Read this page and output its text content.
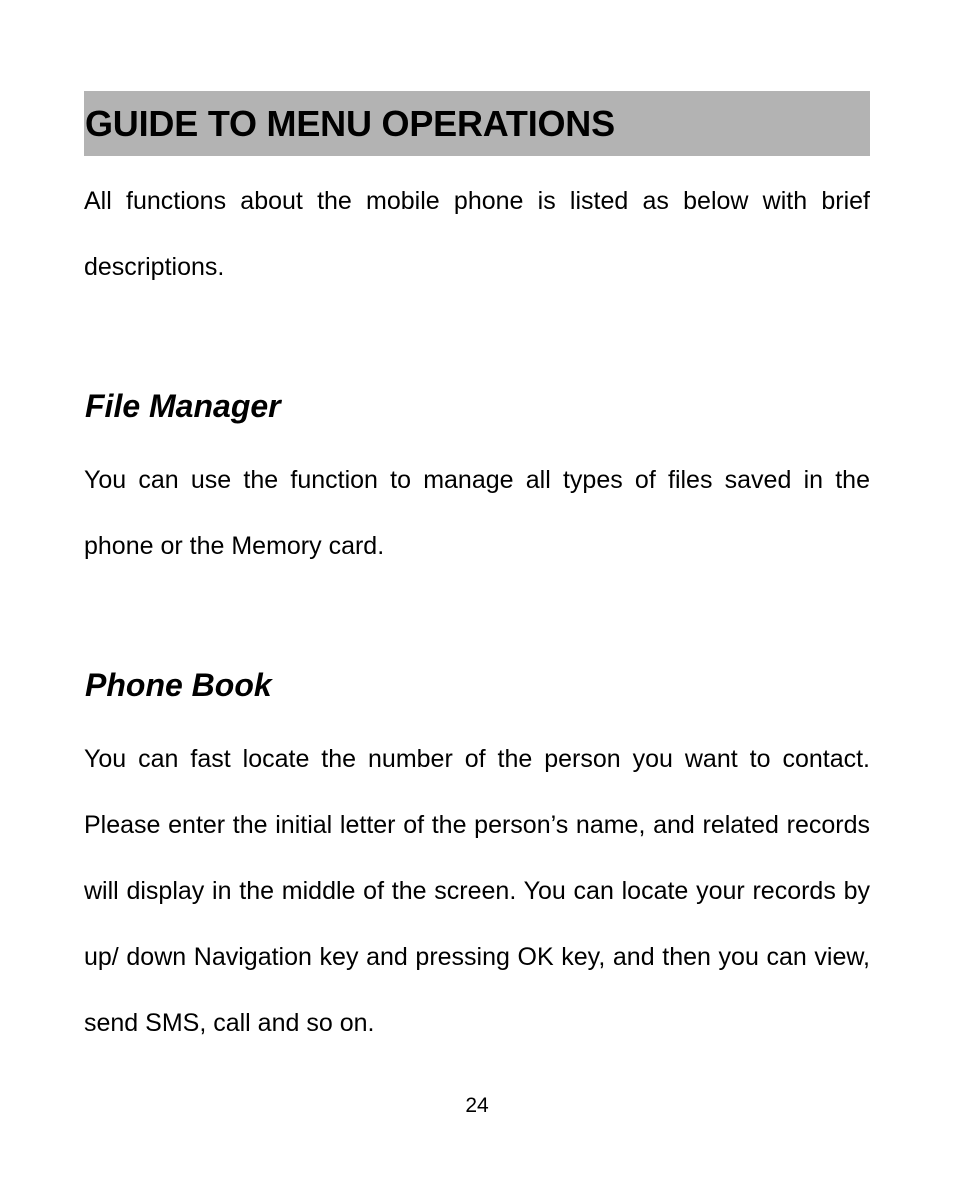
GUIDE TO MENU OPERATIONS

All functions about the mobile phone is listed as below with brief descriptions.

File Manager

You can use the function to manage all types of files saved in the phone or the Memory card.

Phone Book

You can fast locate the number of the person you want to contact. Please enter the initial letter of the person’s name, and related records will display in the middle of the screen. You can locate your records by up/ down Navigation key and pressing OK key, and then you can view, send SMS, call and so on.

24
